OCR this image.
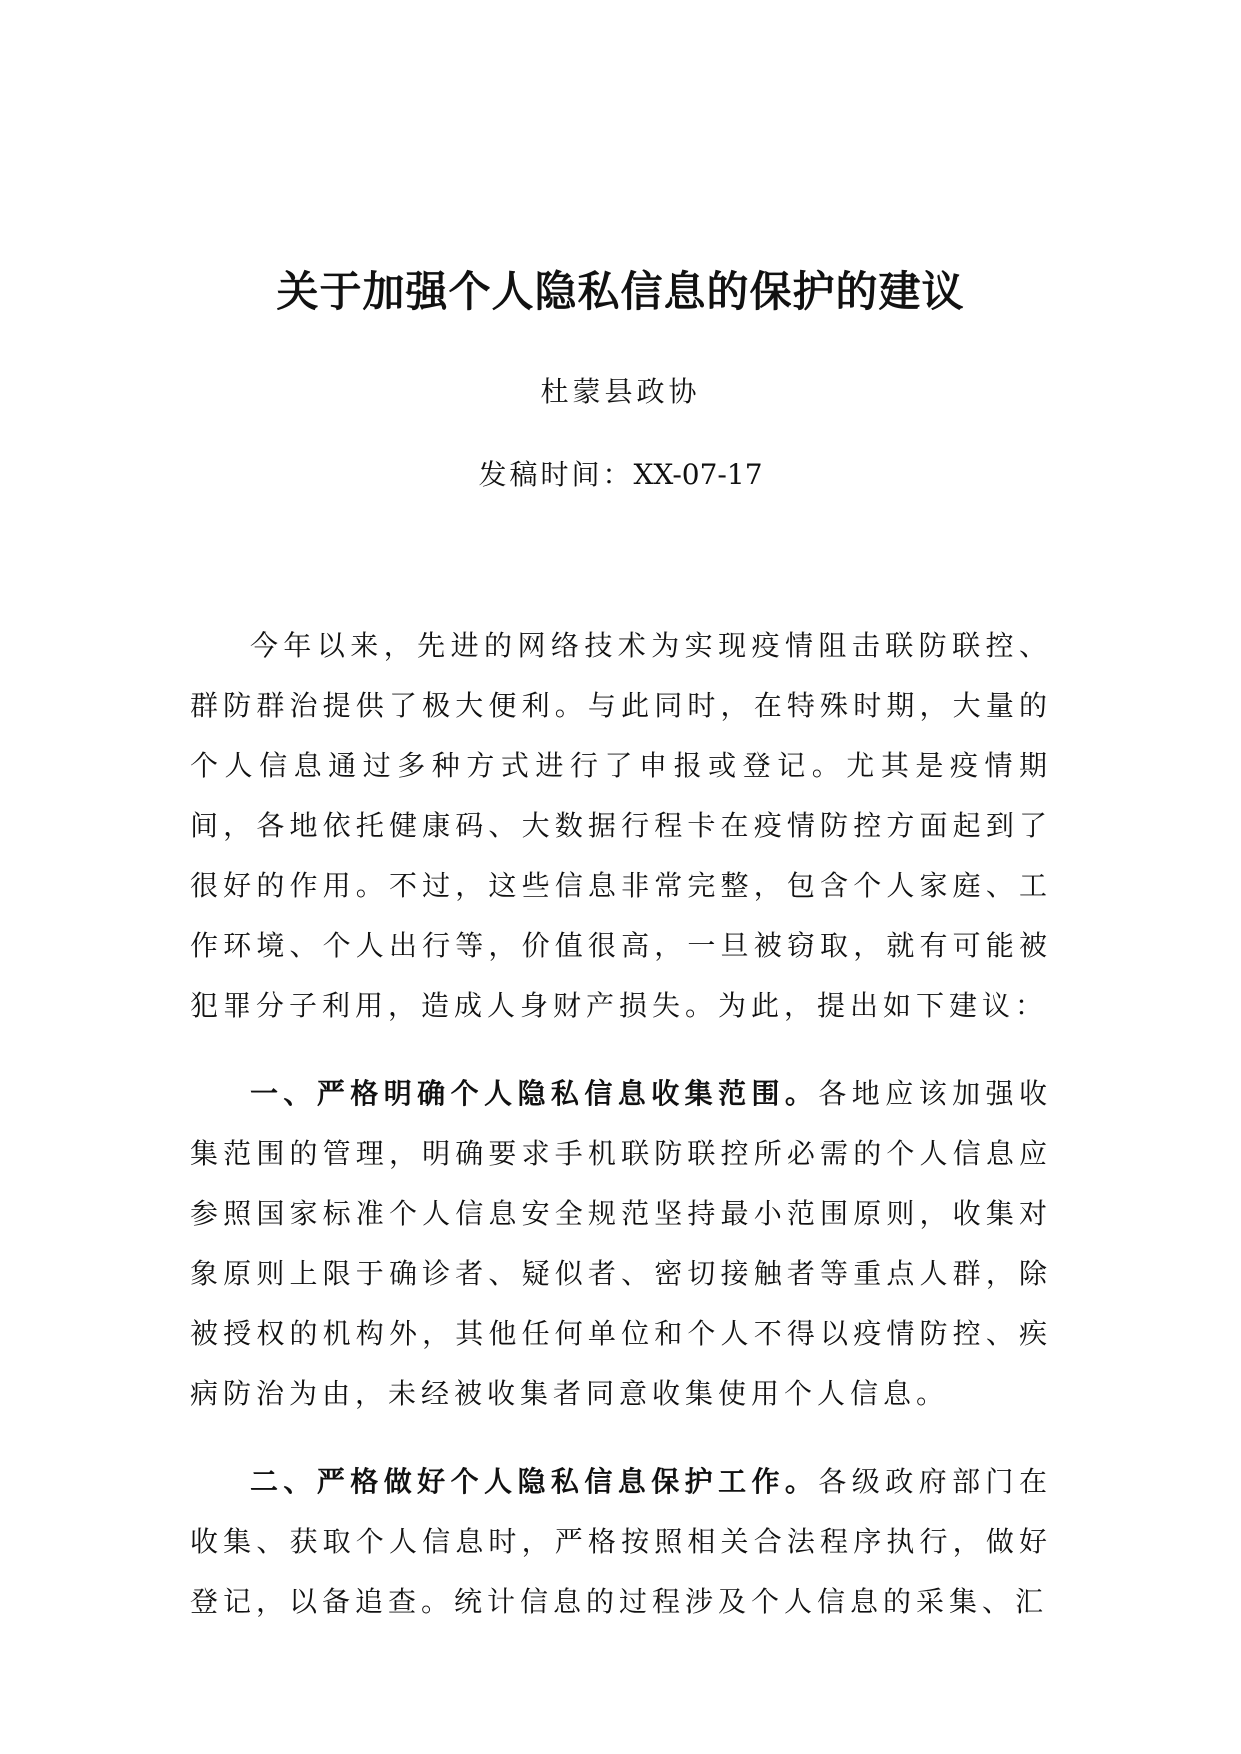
关于加强个人隐私信息的保护的建议
杜蒙县政协
发稿时间：XX-07-17

今年以来，先进的网络技术为实现疫情阻击联防联控、群防群治提供了极大便利。与此同时，在特殊时期，大量的个人信息通过多种方式进行了申报或登记。尤其是疫情期间，各地依托健康码、大数据行程卡在疫情防控方面起到了很好的作用。不过，这些信息非常完整，包含个人家庭、工作环境、个人出行等，价值很高，一旦被窃取，就有可能被犯罪分子利用，造成人身财产损失。为此，提出如下建议：

一、严格明确个人隐私信息收集范围。各地应该加强收集范围的管理，明确要求手机联防联控所必需的个人信息应参照国家标准个人信息安全规范坚持最小范围原则，收集对象原则上限于确诊者、疑似者、密切接触者等重点人群，除被授权的机构外，其他任何单位和个人不得以疫情防控、疾病防治为由，未经被收集者同意收集使用个人信息。

二、严格做好个人隐私信息保护工作。各级政府部门在收集、获取个人信息时，严格按照相关合法程序执行，做好登记，以备追查。统计信息的过程涉及个人信息的采集、汇
